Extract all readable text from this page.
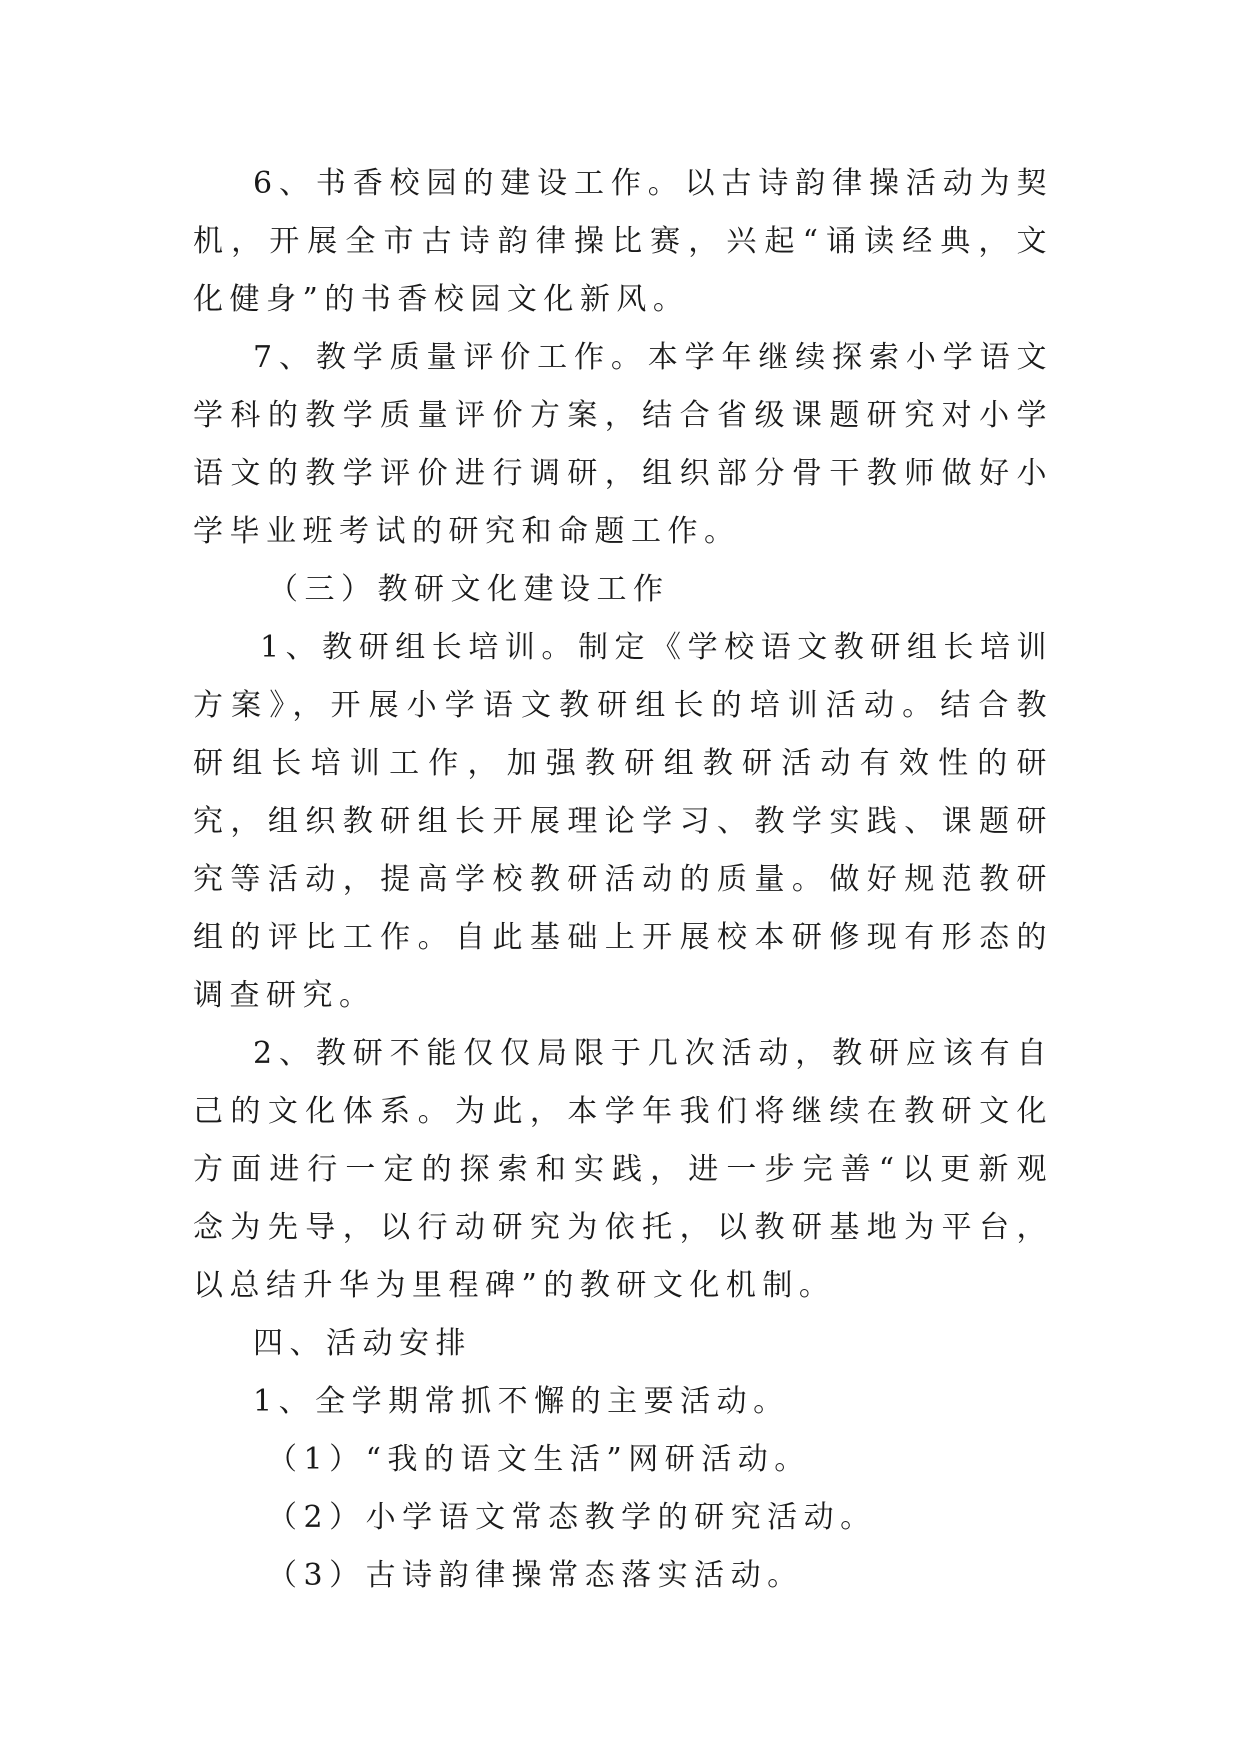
6、书香校园的建设工作。以古诗韵律操活动为契机，开展全市古诗韵律操比赛，兴起“诵读经典，文化健身”的书香校园文化新风。

7、教学质量评价工作。本学年继续探索小学语文学科的教学质量评价方案，结合省级课题研究对小学语文的教学评价进行调研，组织部分骨干教师做好小学毕业班考试的研究和命题工作。

（三）教研文化建设工作

1、教研组长培训。制定《学校语文教研组长培训方案》，开展小学语文教研组长的培训活动。结合教研组长培训工作，加强教研组教研活动有效性的研究，组织教研组长开展理论学习、教学实践、课题研究等活动，提高学校教研活动的质量。做好规范教研组的评比工作。自此基础上开展校本研修现有形态的调查研究。

2、教研不能仅仅局限于几次活动，教研应该有自己的文化体系。为此，本学年我们将继续在教研文化方面进行一定的探索和实践，进一步完善“以更新观念为先导，以行动研究为依托，以教研基地为平台，以总结升华为里程碑”的教研文化机制。

四、活动安排

1、全学期常抓不懈的主要活动。

（1）“我的语文生活”网研活动。

（2）小学语文常态教学的研究活动。

（3）古诗韵律操常态落实活动。
